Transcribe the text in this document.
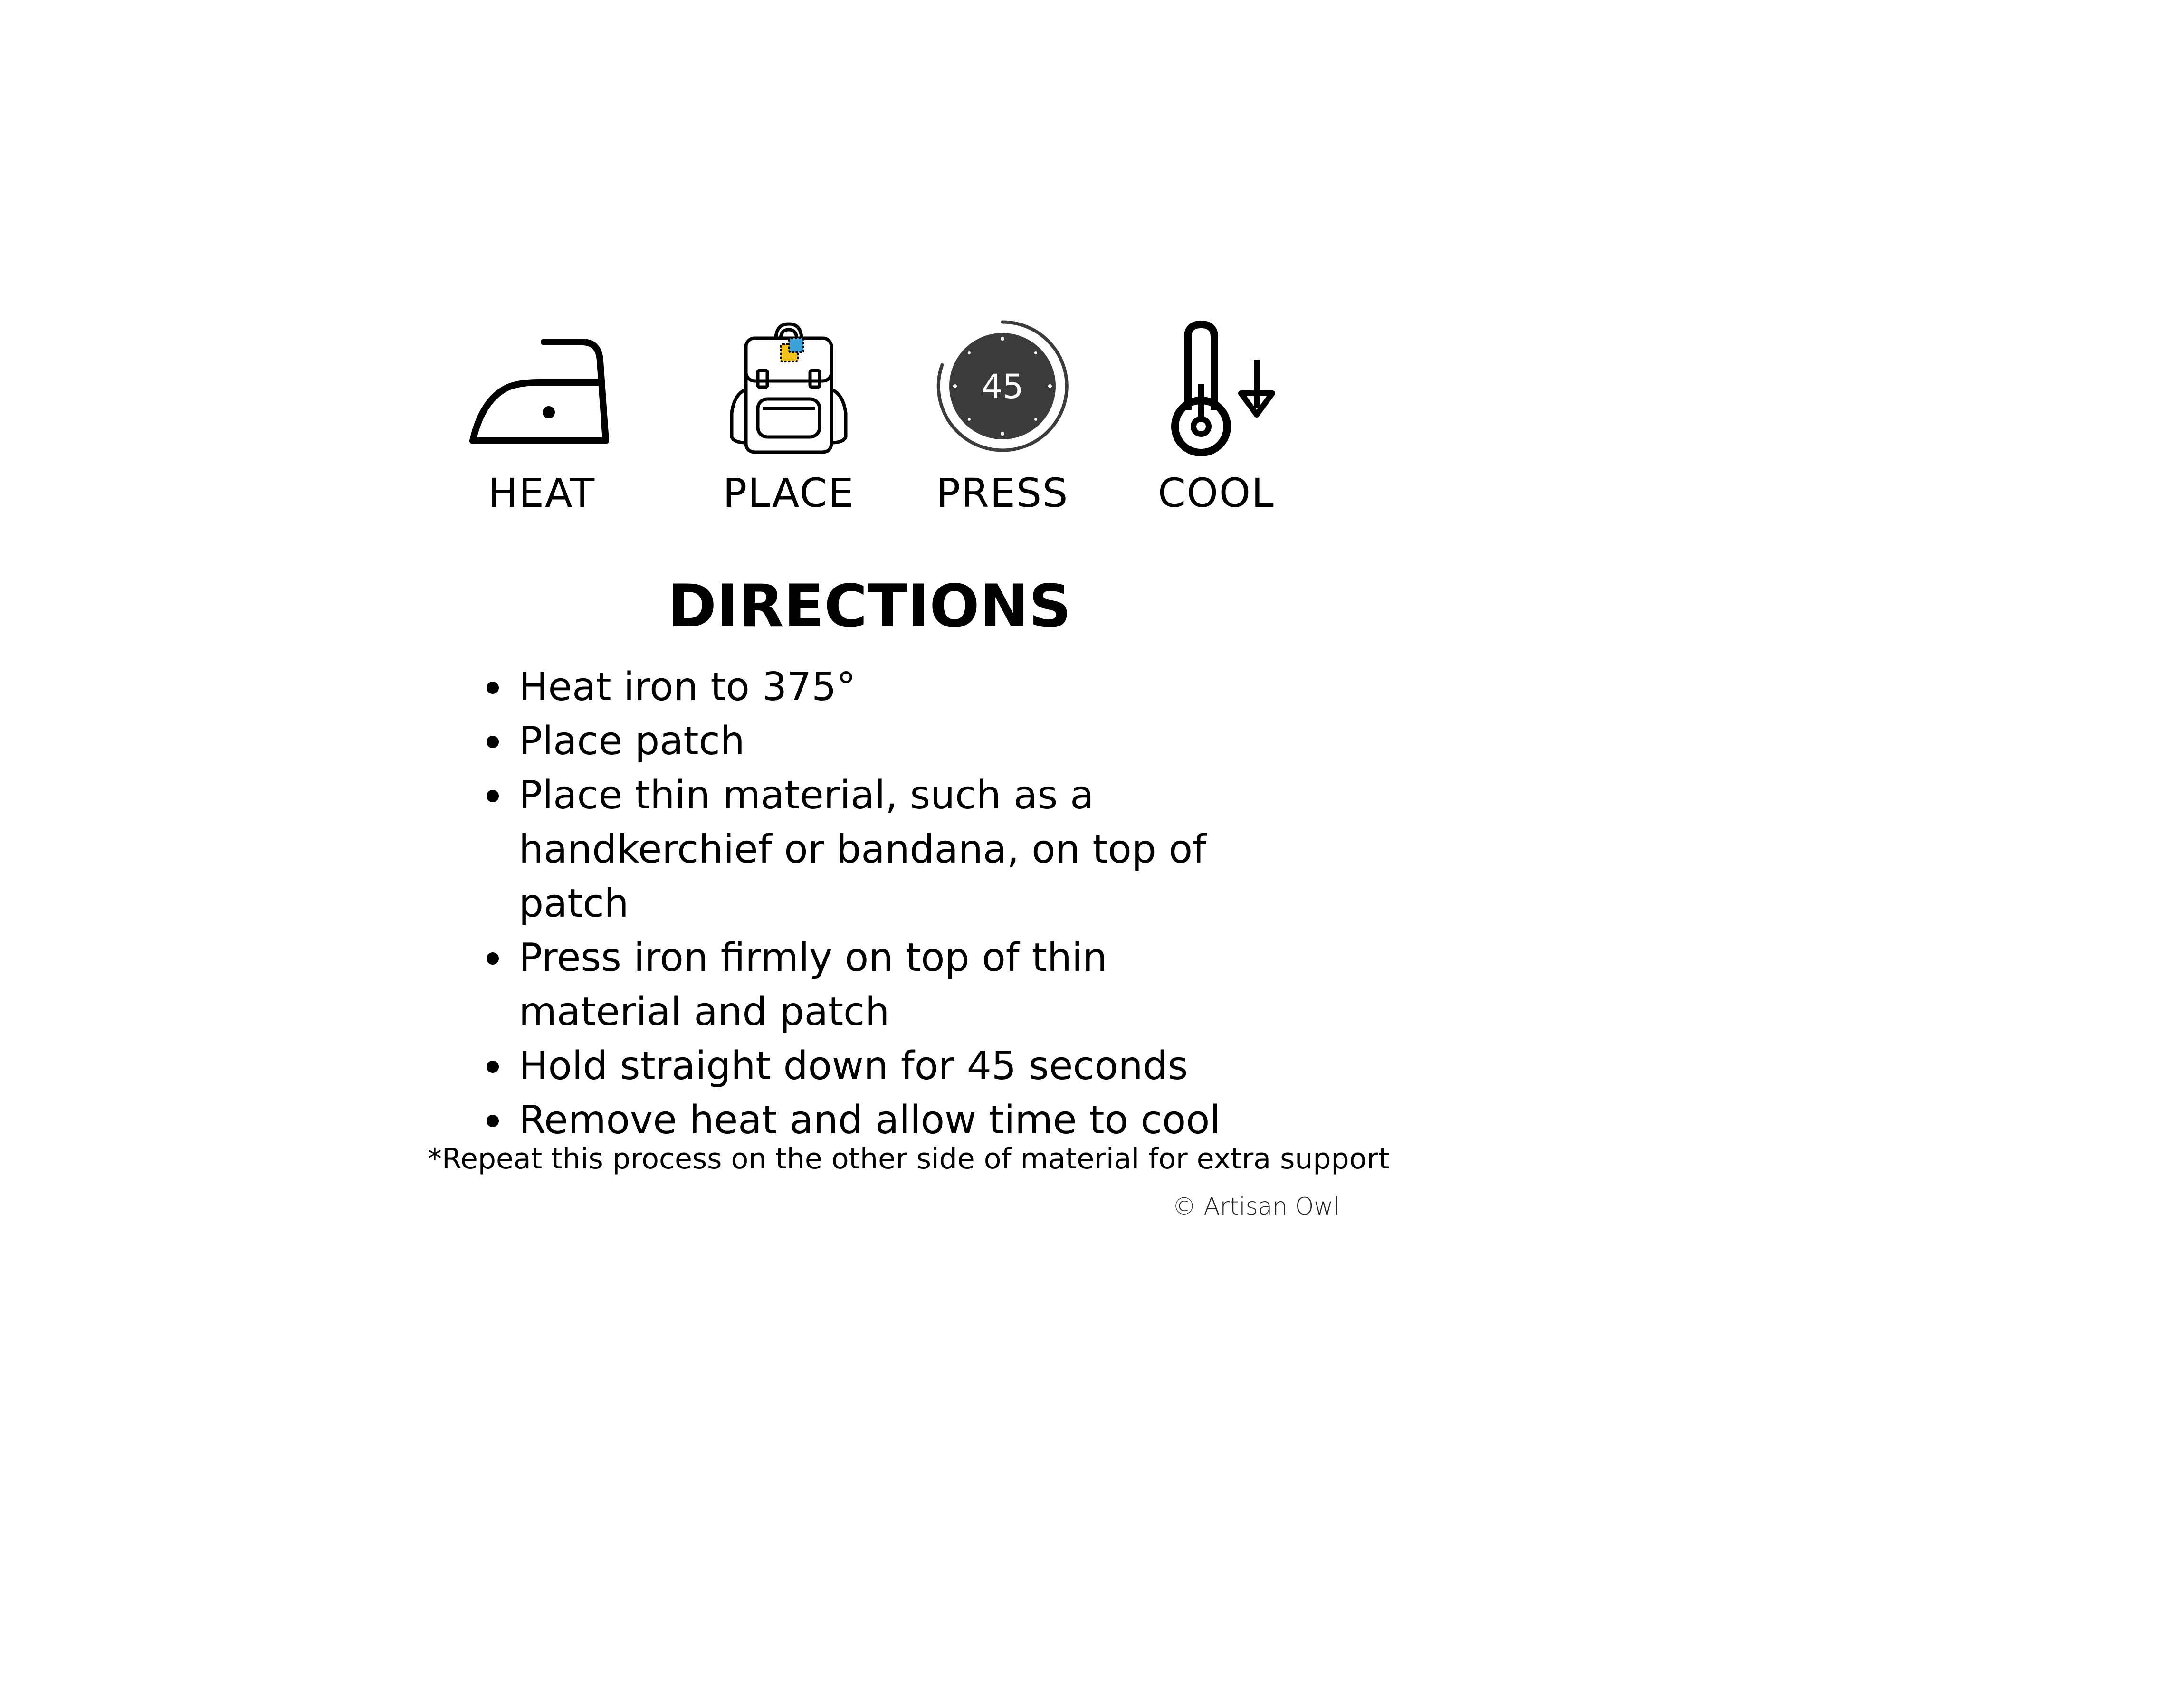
HEAT	PLACE
45
PRESS	COOL
DIRECTIONS
Heat iron to 375°
Place patch
Place thin material, such as a handkerchief or bandana, on top of patch
Press iron firmly on top of thin material and patch
Hold straight down for 45 seconds
Remove heat and allow time to cool
*Repeat this process on the other side of material for extra support
© Artisan Owl
